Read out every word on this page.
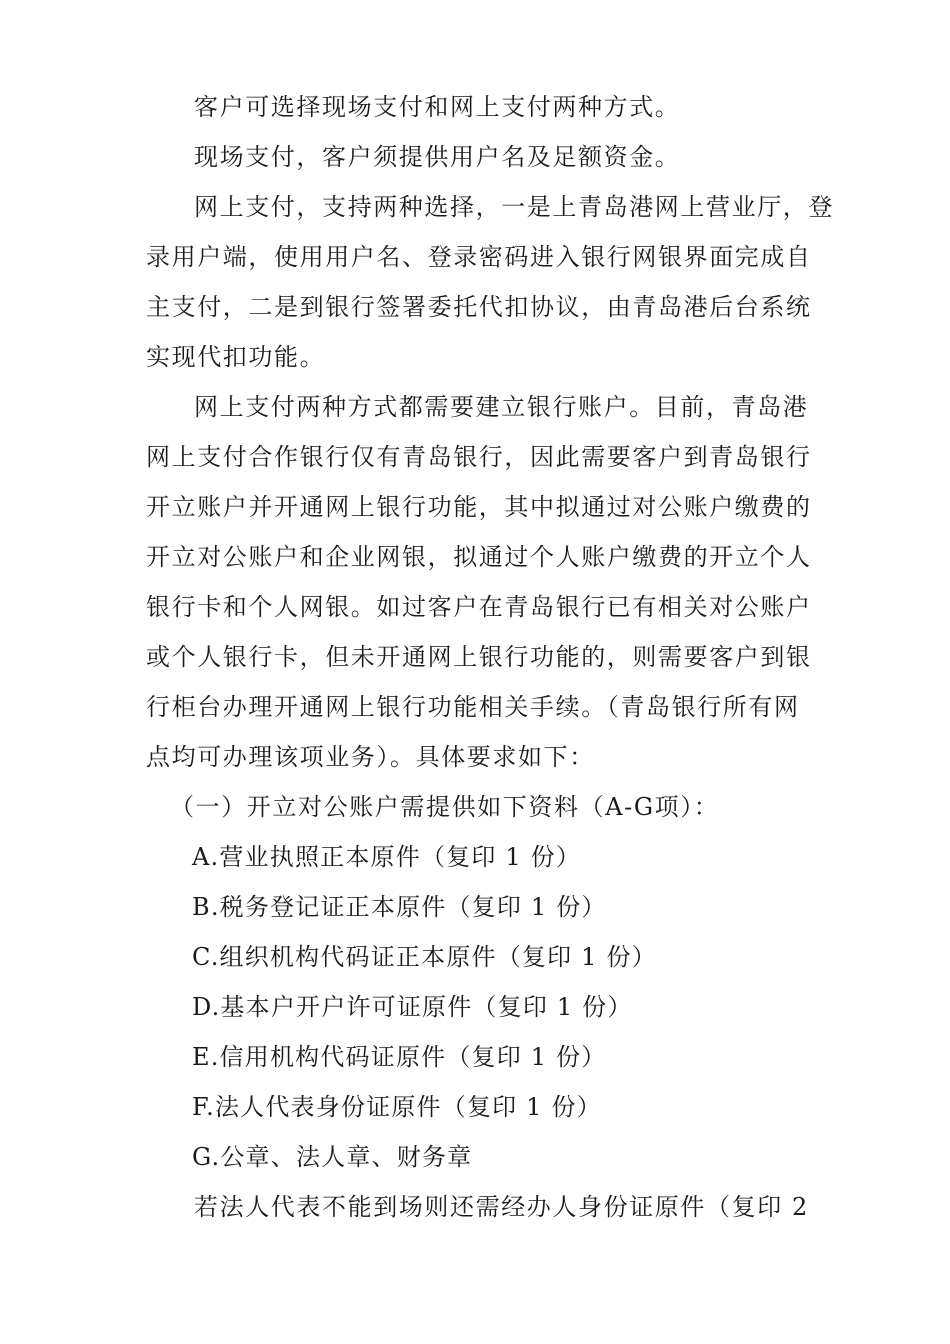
客户可选择现场支付和网上支付两种方式。
现场支付，客户须提供用户名及足额资金。
网上支付，支持两种选择，一是上青岛港网上营业厅，登
录用户端，使用用户名、登录密码进入银行网银界面完成自
主支付，二是到银行签署委托代扣协议，由青岛港后台系统
实现代扣功能。
网上支付两种方式都需要建立银行账户。目前，青岛港
网上支付合作银行仅有青岛银行，因此需要客户到青岛银行
开立账户并开通网上银行功能，其中拟通过对公账户缴费的
开立对公账户和企业网银，拟通过个人账户缴费的开立个人
银行卡和个人网银。如过客户在青岛银行已有相关对公账户
或个人银行卡，但未开通网上银行功能的，则需要客户到银
行柜台办理开通网上银行功能相关手续。（青岛银行所有网
点均可办理该项业务）。具体要求如下：
（一）开立对公账户需提供如下资料（A-G项）：
A.营业执照正本原件（复印 1 份）
B.税务登记证正本原件（复印 1 份）
C.组织机构代码证正本原件（复印 1 份）
D.基本户开户许可证原件（复印 1 份）
E.信用机构代码证原件（复印 1 份）
F.法人代表身份证原件（复印 1 份）
G.公章、法人章、财务章
若法人代表不能到场则还需经办人身份证原件（复印 2
